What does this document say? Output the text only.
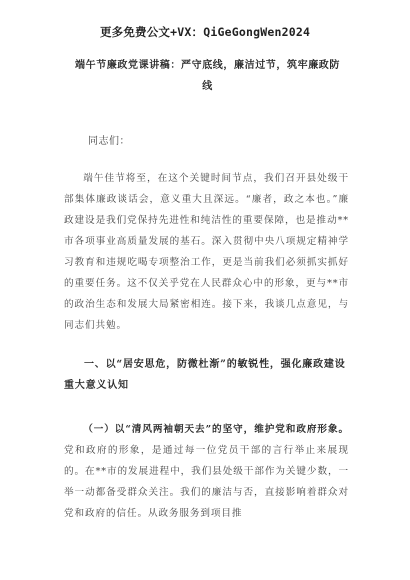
更多免费公文+VX：QiGeGongWen2024
端午节廉政党课讲稿：严守底线，廉洁过节，筑牢廉政防线
同志们：
端午佳节将至，在这个关键时间节点，我们召开县处级干部集体廉政谈话会，意义重大且深远。“廉者，政之本也。”廉政建设是我们党保持先进性和纯洁性的重要保障，也是推动**市各项事业高质量发展的基石。深入贯彻中央八项规定精神学习教育和违规吃喝专项整治工作，更是当前我们必须抓实抓好的重要任务。这不仅关乎党在人民群众心中的形象，更与**市的政治生态和发展大局紧密相连。接下来，我谈几点意见，与同志们共勉。
一、以“居安思危，防微杜渐”的敏锐性，强化廉政建设重大意义认知
（一）以“清风两袖朝天去”的坚守，维护党和政府形象。党和政府的形象，是通过每一位党员干部的言行举止来展现的。在**市的发展进程中，我们县处级干部作为关键少数，一举一动都备受群众关注。我们的廉洁与否，直接影响着群众对党和政府的信任。从政务服务到项目推
